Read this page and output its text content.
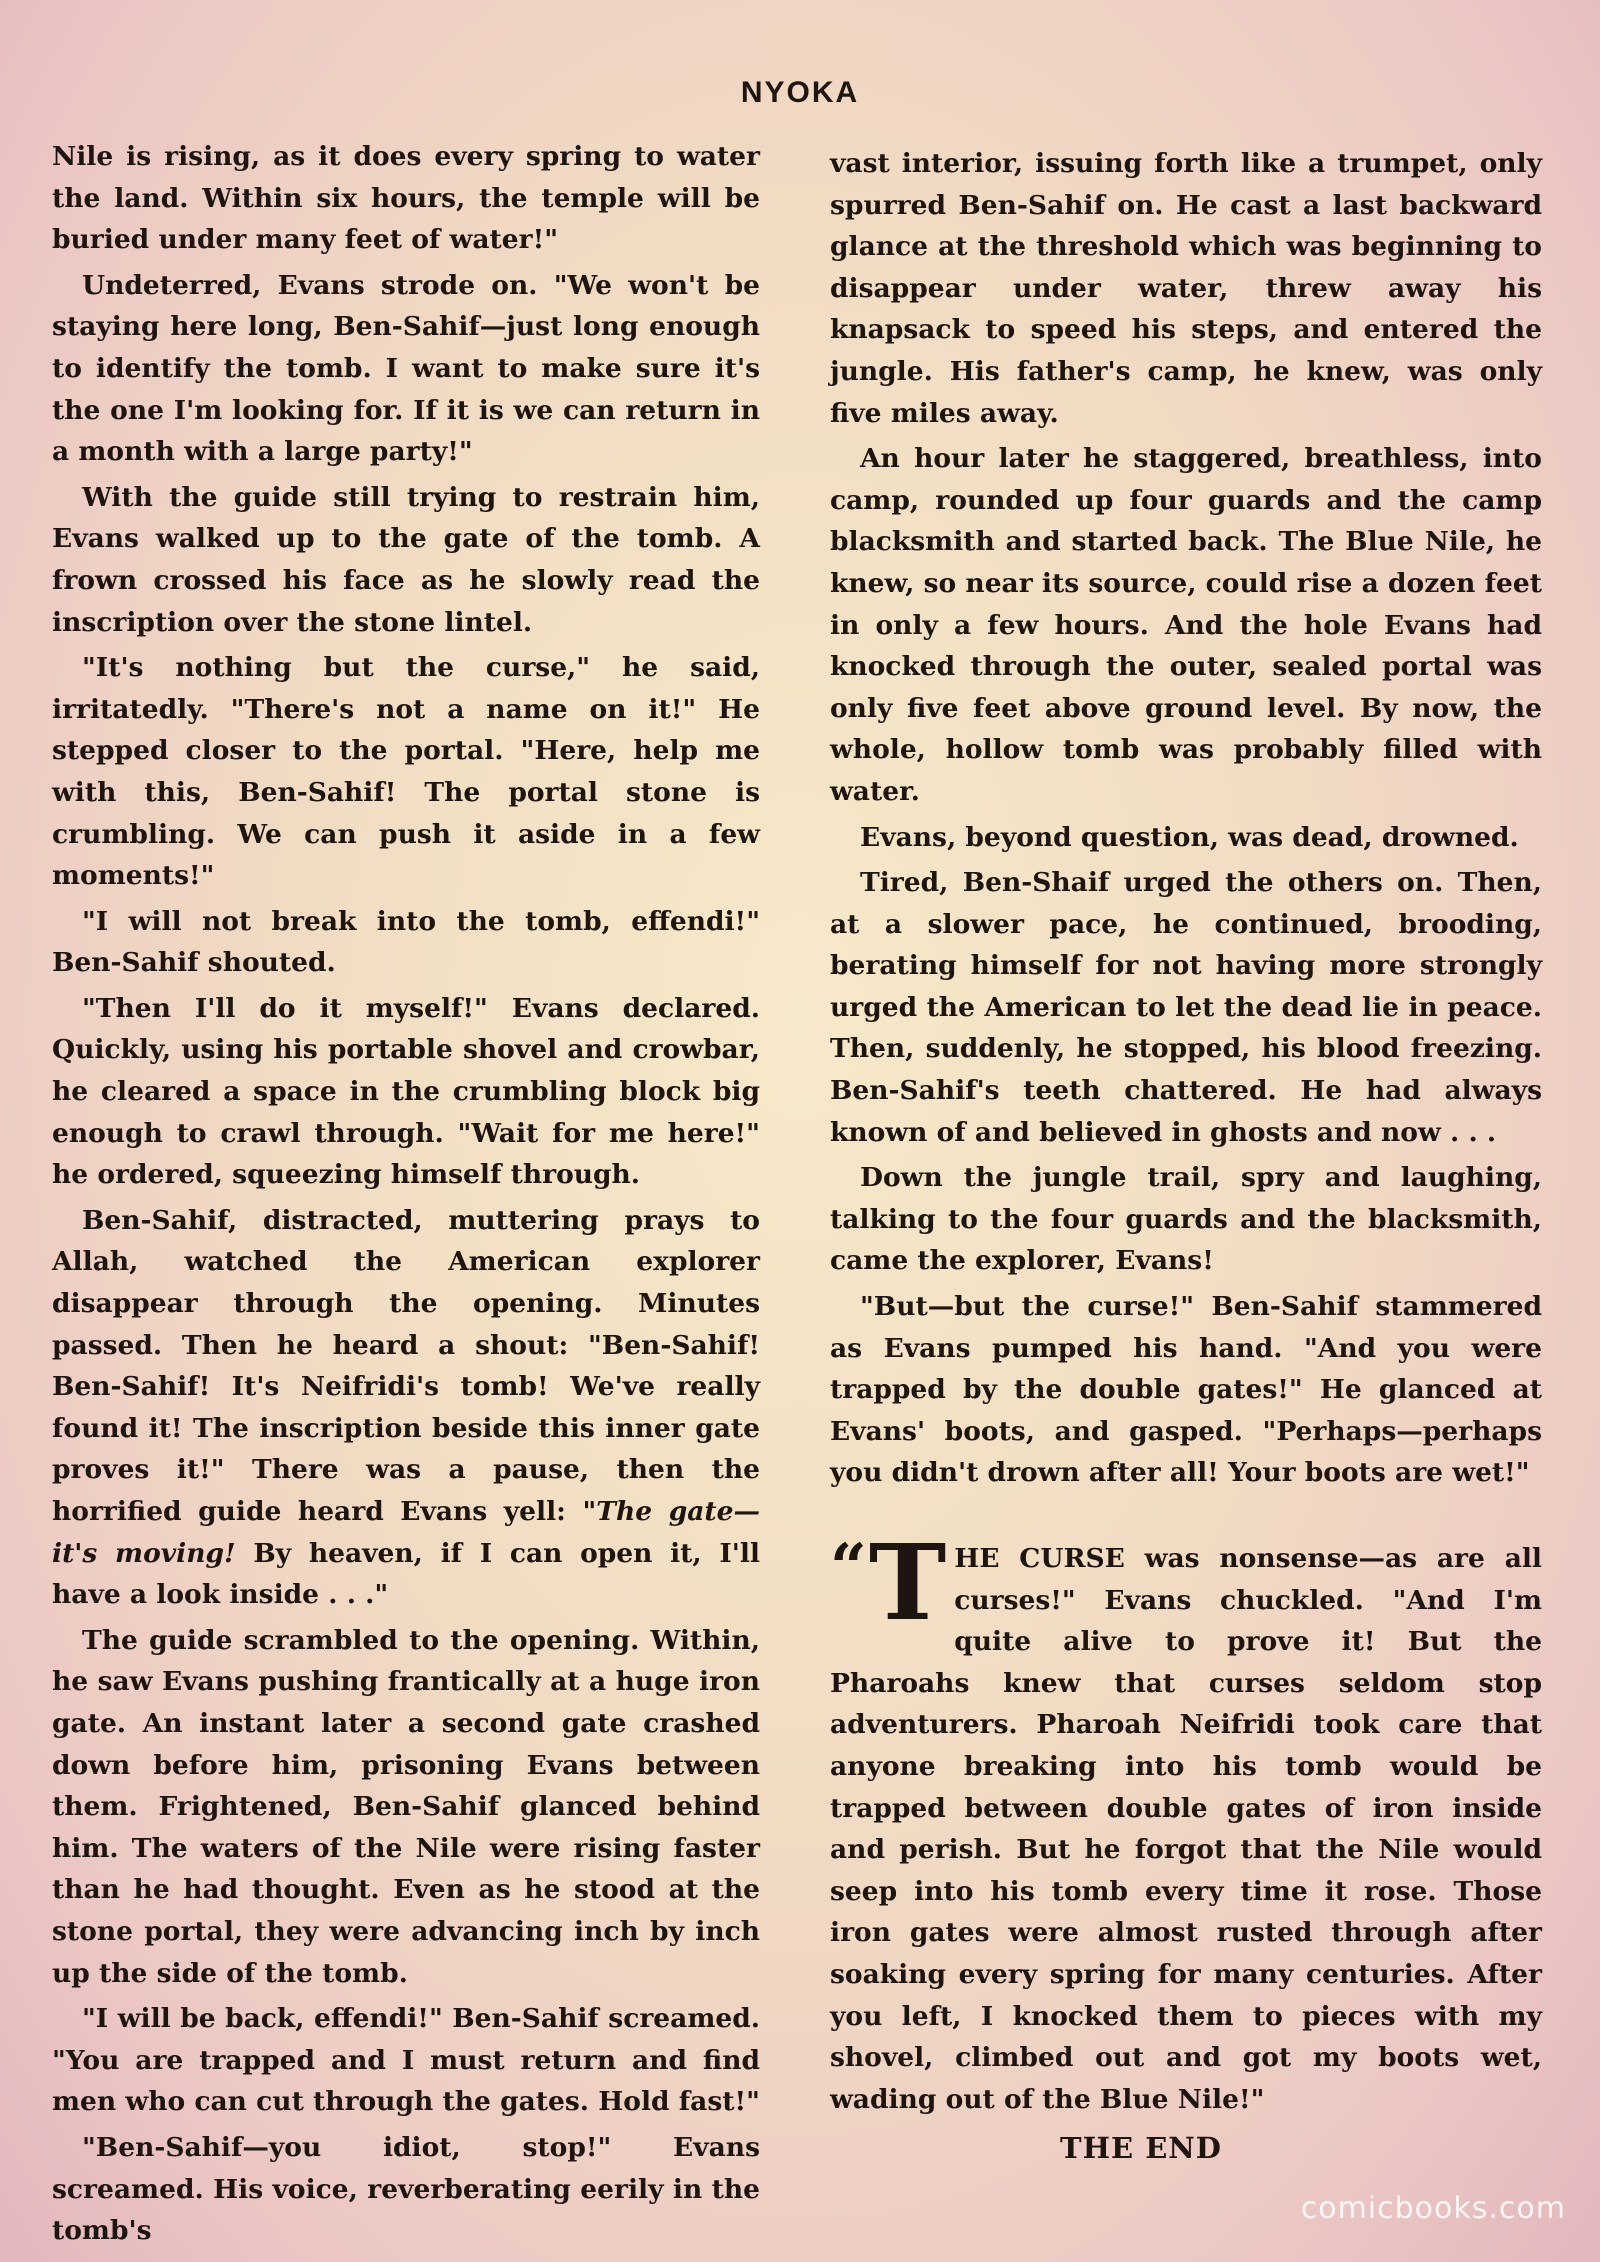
NYOKA

Nile is rising, as it does every spring to water the land. Within six hours, the temple will be buried under many feet of water!"

Undeterred, Evans strode on. "We won't be staying here long, Ben-Sahif—just long enough to identify the tomb. I want to make sure it's the one I'm looking for. If it is we can return in a month with a large party!"

With the guide still trying to restrain him, Evans walked up to the gate of the tomb. A frown crossed his face as he slowly read the inscription over the stone lintel.

"It's nothing but the curse," he said, irritatedly. "There's not a name on it!" He stepped closer to the portal. "Here, help me with this, Ben-Sahif! The portal stone is crumbling. We can push it aside in a few moments!"

"I will not break into the tomb, effendi!" Ben-Sahif shouted.

"Then I'll do it myself!" Evans declared. Quickly, using his portable shovel and crowbar, he cleared a space in the crumbling block big enough to crawl through. "Wait for me here!" he ordered, squeezing himself through.

Ben-Sahif, distracted, muttering prays to Allah, watched the American explorer disappear through the opening. Minutes passed. Then he heard a shout: "Ben-Sahif! Ben-Sahif! It's Neifridi's tomb! We've really found it! The inscription beside this inner gate proves it!" There was a pause, then the horrified guide heard Evans yell: "The gate—it's moving! By heaven, if I can open it, I'll have a look inside . . ."

The guide scrambled to the opening. Within, he saw Evans pushing frantically at a huge iron gate. An instant later a second gate crashed down before him, prisoning Evans between them. Frightened, Ben-Sahif glanced behind him. The waters of the Nile were rising faster than he had thought. Even as he stood at the stone portal, they were advancing inch by inch up the side of the tomb.

"I will be back, effendi!" Ben-Sahif screamed. "You are trapped and I must return and find men who can cut through the gates. Hold fast!"

"Ben-Sahif—you idiot, stop!" Evans screamed. His voice, reverberating eerily in the tomb's

vast interior, issuing forth like a trumpet, only spurred Ben-Sahif on. He cast a last backward glance at the threshold which was beginning to disappear under water, threw away his knapsack to speed his steps, and entered the jungle. His father's camp, he knew, was only five miles away.

An hour later he staggered, breathless, into camp, rounded up four guards and the camp blacksmith and started back. The Blue Nile, he knew, so near its source, could rise a dozen feet in only a few hours. And the hole Evans had knocked through the outer, sealed portal was only five feet above ground level. By now, the whole, hollow tomb was probably filled with water.

Evans, beyond question, was dead, drowned.

Tired, Ben-Shaif urged the others on. Then, at a slower pace, he continued, brooding, berating himself for not having more strongly urged the American to let the dead lie in peace. Then, suddenly, he stopped, his blood freezing. Ben-Sahif's teeth chattered. He had always known of and believed in ghosts and now . . .

Down the jungle trail, spry and laughing, talking to the four guards and the blacksmith, came the explorer, Evans!

"But—but the curse!" Ben-Sahif stammered as Evans pumped his hand. "And you were trapped by the double gates!" He glanced at Evans' boots, and gasped. "Perhaps—perhaps you didn't drown after all! Your boots are wet!"

“ T HE CURSE was nonsense—as are all curses!" Evans chuckled. "And I'm quite alive to prove it! But the Pharoahs knew that curses seldom stop adventurers. Pharoah Neifridi took care that anyone breaking into his tomb would be trapped between double gates of iron inside and perish. But he forgot that the Nile would seep into his tomb every time it rose. Those iron gates were almost rusted through after soaking every spring for many centuries. After you left, I knocked them to pieces with my shovel, climbed out and got my boots wet, wading out of the Blue Nile!"

THE END
comicbooks.com
